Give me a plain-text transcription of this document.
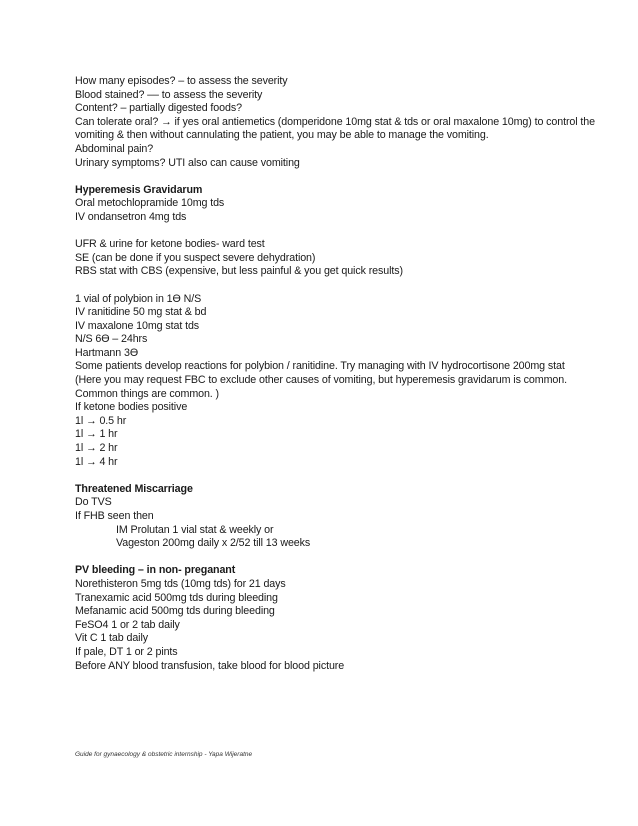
How many episodes? – to assess the severity
Blood stained? –– to assess the severity
Content? – partially digested foods?
Can tolerate oral? → if yes oral antiemetics (domperidone 10mg stat & tds or oral maxalone 10mg) to control the vomiting & then without cannulating the patient, you may be able to manage the vomiting.
Abdominal pain?
Urinary symptoms? UTI also can cause vomiting
Hyperemesis Gravidarum
Oral metochlopramide 10mg tds
IV ondansetron 4mg tds
UFR & urine for ketone bodies- ward test
SE (can be done if you suspect severe dehydration)
RBS stat with CBS (expensive, but less painful & you get quick results)
1 vial of polybion in 1ϴ N/S
IV ranitidine 50 mg stat & bd
IV maxalone 10mg stat tds
N/S 6ϴ – 24hrs
Hartmann 3ϴ
Some patients develop reactions for polybion / ranitidine. Try managing with IV hydrocortisone 200mg stat
(Here you may request FBC to exclude other causes of vomiting, but hyperemesis gravidarum is common. Common things are common. )
If ketone bodies positive
1l → 0.5 hr
1l → 1 hr
1l → 2 hr
1l → 4 hr
Threatened Miscarriage
Do TVS
If FHB seen then
IM Prolutan 1 vial stat & weekly or
Vageston 200mg daily x 2/52 till 13 weeks
PV bleeding – in non- preganant
Norethisteron 5mg tds (10mg tds) for 21 days
Tranexamic acid 500mg tds during bleeding
Mefanamic acid 500mg tds during bleeding
FeSO4 1 or 2 tab daily
Vit C 1 tab daily
If pale, DT 1 or 2 pints
Before ANY blood transfusion, take blood for blood picture
Guide for gynaecology & obstetric internship - Yapa Wijeratne
